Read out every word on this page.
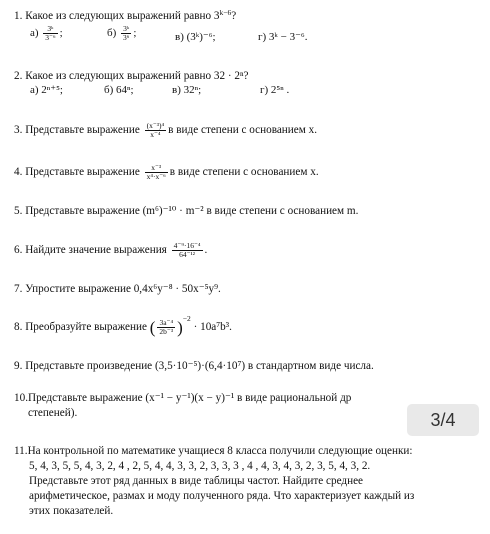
1. Какое из следующих выражений равно $3^{k-6}$?
$а) \frac{\text{3ᵏ}}{\text{3⁻⁶}}$ ;	$б) \frac{\text{3ᵏ}}{\text{3⁶}}$ ;	в) (3ᵏ)⁻⁶;	г) 3ᵏ − 3⁻⁶.
2. Какое из следующих выражений равно 32 · 2ⁿ?
а) 2ⁿ⁺⁵;	б) 64ⁿ;	в) 32ⁿ;	г) 2⁵ⁿ .
3. Представьте выражение $\frac{\text{(x⁻³)⁴}}{\text{x⁻⁴}}$ в виде степени с основанием x.
4. Представьте выражение $\frac{\text{x⁻³}}{\text{x⁴·x⁻⁶}}$ в виде степени с основанием x.
5. Представьте выражение (m⁶)⁻¹⁰ · m⁻² в виде степени с основанием m.
6. Найдите значение выражения $\frac{\text{4⁻⁹·16⁻⁴}}{\text{64⁻¹²}}$ .
7. Упростите выражение 0,4x⁶y⁻⁸ · 50x⁻⁵y⁹.
8. Преобразуйте выражение ( $\frac{\text{3a⁻⁴}}{\text{2b⁻³}} )^{-2} \cdot 10a^7b^3$.
9. Представьте произведение (3,5·10⁻⁵)·(6,4·10⁷) в стандартном виде числа.
10.Представьте выражение (x⁻¹ − y⁻¹)(x − y)⁻¹ в виде рациональной др
степеней).	3/4
11.На контрольной по математике учащиеся 8 класса получили следующие оценки:
5, 4, 3, 5, 5, 4, 3, 2, 4 , 2, 5, 4, 4, 3, 3, 2, 3, 3, 3 , 4 , 4, 3, 4, 3, 2, 3, 5, 4, 3, 2.
Представьте этот ряд данных в виде таблицы частот. Найдите среднее
арифметическое, размах и моду полученного ряда. Что характеризует каждый из
этих показателей.
